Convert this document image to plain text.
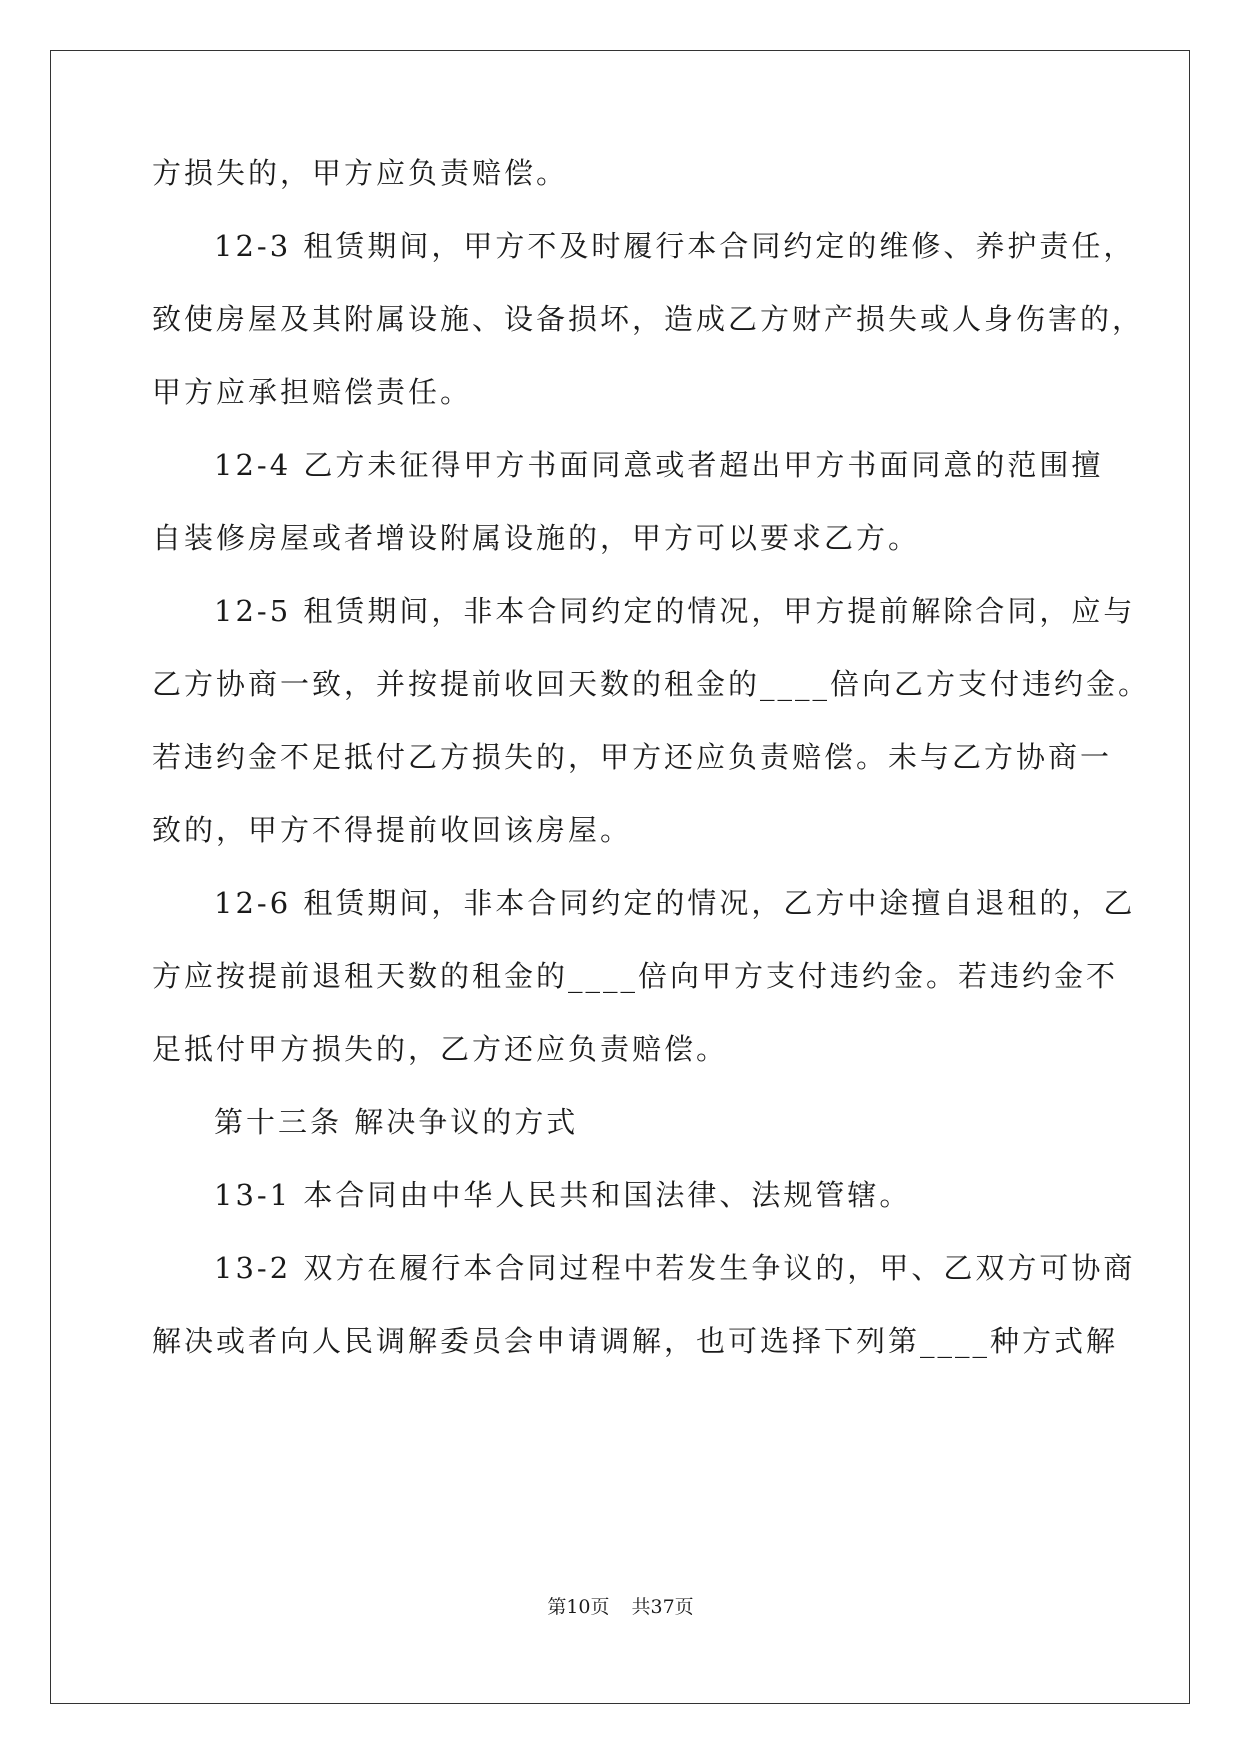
方损失的，甲方应负责赔偿。
12-3 租赁期间，甲方不及时履行本合同约定的维修、养护责任，
致使房屋及其附属设施、设备损坏，造成乙方财产损失或人身伤害的，
甲方应承担赔偿责任。
12-4 乙方未征得甲方书面同意或者超出甲方书面同意的范围擅
自装修房屋或者增设附属设施的，甲方可以要求乙方。
12-5 租赁期间，非本合同约定的情况，甲方提前解除合同，应与
乙方协商一致，并按提前收回天数的租金的____倍向乙方支付违约金。
若违约金不足抵付乙方损失的，甲方还应负责赔偿。未与乙方协商一
致的，甲方不得提前收回该房屋。
12-6 租赁期间，非本合同约定的情况，乙方中途擅自退租的，乙
方应按提前退租天数的租金的____倍向甲方支付违约金。若违约金不
足抵付甲方损失的，乙方还应负责赔偿。
第十三条 解决争议的方式
13-1 本合同由中华人民共和国法律、法规管辖。
13-2 双方在履行本合同过程中若发生争议的，甲、乙双方可协商
解决或者向人民调解委员会申请调解，也可选择下列第____种方式解
第10页 共37页
